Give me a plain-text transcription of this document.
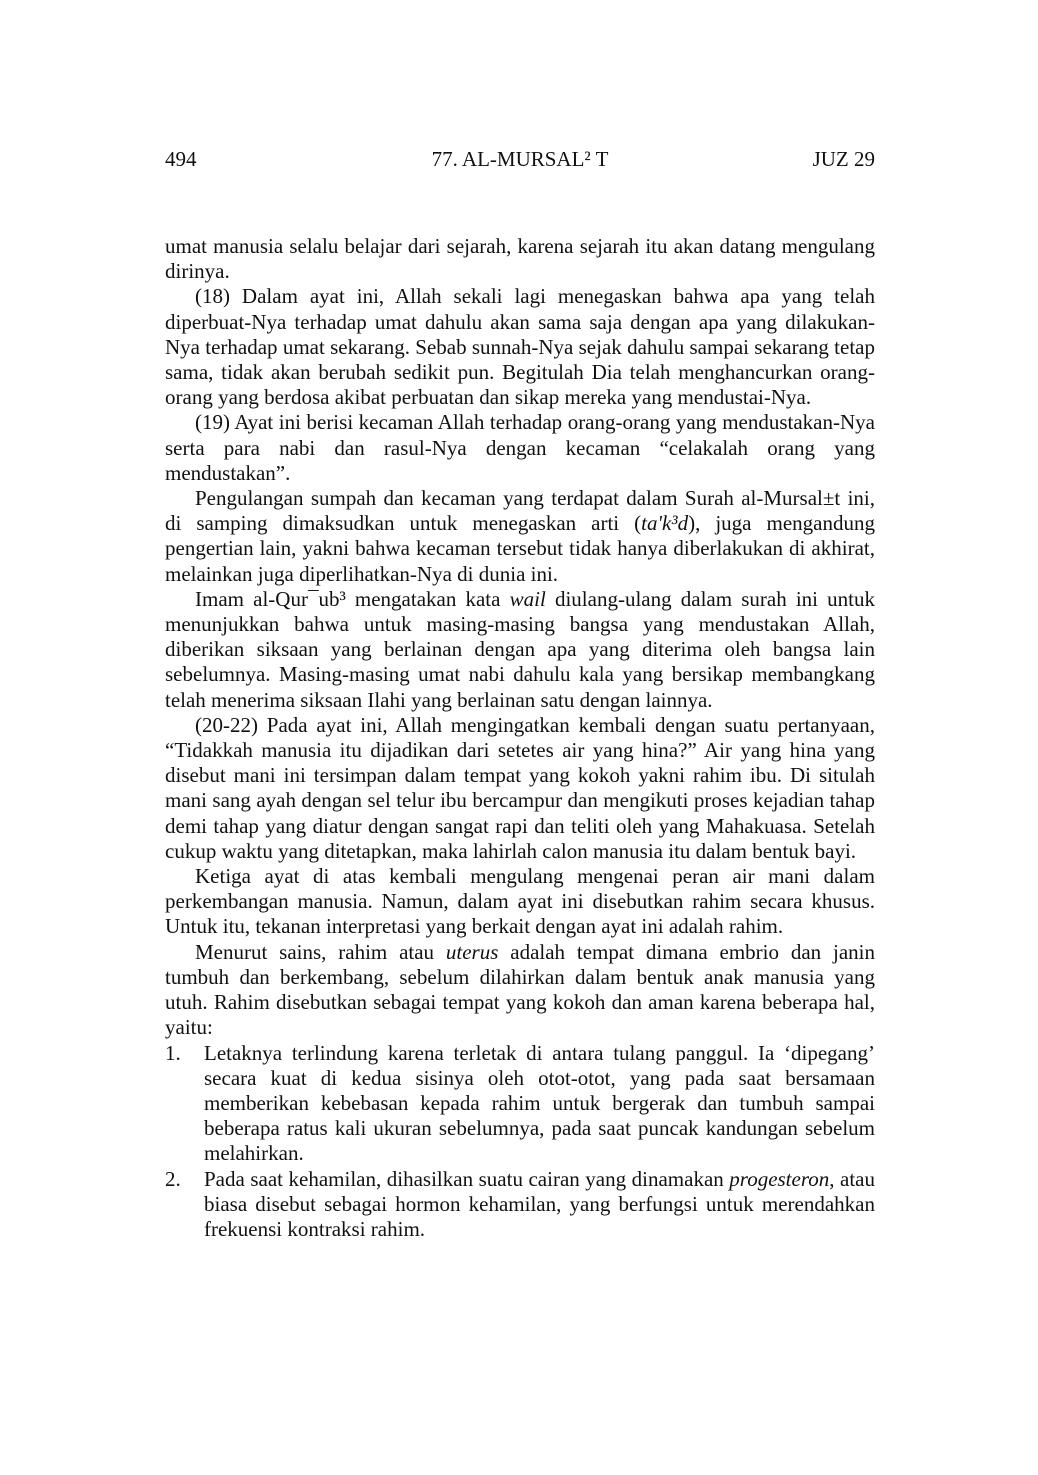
494	77. AL-MURSAL² T	JUZ 29

umat manusia selalu belajar dari sejarah, karena sejarah itu akan datang mengulang dirinya.

(18) Dalam ayat ini, Allah sekali lagi menegaskan bahwa apa yang telah diperbuat-Nya terhadap umat dahulu akan sama saja dengan apa yang dilakukan-Nya terhadap umat sekarang. Sebab sunnah-Nya sejak dahulu sampai sekarang tetap sama, tidak akan berubah sedikit pun. Begitulah Dia telah menghancurkan orang-orang yang berdosa akibat perbuatan dan sikap mereka yang mendustai-Nya.

(19) Ayat ini berisi kecaman Allah terhadap orang-orang yang mendustakan-Nya serta para nabi dan rasul-Nya dengan kecaman “celakalah orang yang mendustakan”.

Pengulangan sumpah dan kecaman yang terdapat dalam Surah al-Mursal±t ini, di samping dimaksudkan untuk menegaskan arti (ta'k³d), juga mengandung pengertian lain, yakni bahwa kecaman tersebut tidak hanya diberlakukan di akhirat, melainkan juga diperlihatkan-Nya di dunia ini.

Imam al-Qur¯ub³ mengatakan kata wail diulang-ulang dalam surah ini untuk menunjukkan bahwa untuk masing-masing bangsa yang mendustakan Allah, diberikan siksaan yang berlainan dengan apa yang diterima oleh bangsa lain sebelumnya. Masing-masing umat nabi dahulu kala yang bersikap membangkang telah menerima siksaan Ilahi yang berlainan satu dengan lainnya.

(20-22) Pada ayat ini, Allah mengingatkan kembali dengan suatu pertanyaan, “Tidakkah manusia itu dijadikan dari setetes air yang hina?” Air yang hina yang disebut mani ini tersimpan dalam tempat yang kokoh yakni rahim ibu. Di situlah mani sang ayah dengan sel telur ibu bercampur dan mengikuti proses kejadian tahap demi tahap yang diatur dengan sangat rapi dan teliti oleh yang Mahakuasa. Setelah cukup waktu yang ditetapkan, maka lahirlah calon manusia itu dalam bentuk bayi.

Ketiga ayat di atas kembali mengulang mengenai peran air mani dalam perkembangan manusia. Namun, dalam ayat ini disebutkan rahim secara khusus. Untuk itu, tekanan interpretasi yang berkait dengan ayat ini adalah rahim.

Menurut sains, rahim atau uterus adalah tempat dimana embrio dan janin tumbuh dan berkembang, sebelum dilahirkan dalam bentuk anak manusia yang utuh. Rahim disebutkan sebagai tempat yang kokoh dan aman karena beberapa hal, yaitu:

1. Letaknya terlindung karena terletak di antara tulang panggul. Ia ‘dipegang’ secara kuat di kedua sisinya oleh otot-otot, yang pada saat bersamaan memberikan kebebasan kepada rahim untuk bergerak dan tumbuh sampai beberapa ratus kali ukuran sebelumnya, pada saat puncak kandungan sebelum melahirkan.
2. Pada saat kehamilan, dihasilkan suatu cairan yang dinamakan progesteron, atau biasa disebut sebagai hormon kehamilan, yang berfungsi untuk merendahkan frekuensi kontraksi rahim.
